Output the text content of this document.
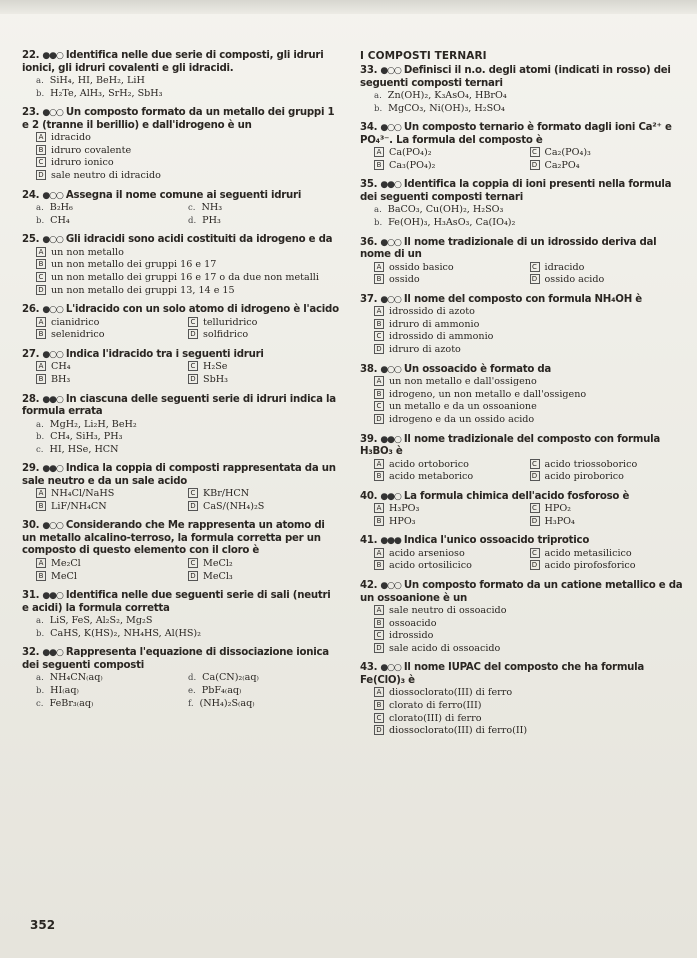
22. ●●○ Identifica nelle due serie di composti, gli idruri ionici, gli idruri covalenti e gli idracidi.
a. SiH₄, HI, BeH₂, LiH
b. H₂Te, AlH₃, SrH₂, SbH₃
23. ●○○ Un composto formato da un metallo dei gruppi 1 e 2 (tranne il berillio) e dall'idrogeno è un
A idracido
B idruro covalente
C idruro ionico
D sale neutro di idracido
24. ●○○ Assegna il nome comune ai seguenti idruri
a. B₂H₆	c. NH₃
b. CH₄	d. PH₃
25. ●○○ Gli idracidi sono acidi costituiti da idrogeno e da
A un non metallo
B un non metallo dei gruppi 16 e 17
C un non metallo dei gruppi 16 e 17 o da due non metalli
D un non metallo dei gruppi 13, 14 e 15
26. ●○○ L'idracido con un solo atomo di idrogeno è l'acido
A cianidrico	C telluridrico
B selenidrico	D solfidrico
27. ●○○ Indica l'idracido tra i seguenti idruri
A CH₄	C H₂Se
B BH₃	D SbH₃
28. ●●○ In ciascuna delle seguenti serie di idruri indica la formula errata
a. MgH₂, Li₂H, BeH₂
b. CH₄, SiH₃, PH₃
c. HI, HSe, HCN
29. ●●○ Indica la coppia di composti rappresentata da un sale neutro e da un sale acido
A NH₄Cl/NaHS	C KBr/HCN
B LiF/NH₄CN	D CaS/(NH₄)₂S
30. ●○○ Considerando che Me rappresenta un atomo di un metallo alcalino-terroso, la formula corretta per un composto di questo elemento con il cloro è
A Me₂Cl	C MeCl₂
B MeCl	D MeCl₃
31. ●●○ Identifica nelle due seguenti serie di sali (neutri e acidi) la formula corretta
a. LiS, FeS, Al₂S₂, Mg₂S
b. CaHS, K(HS)₂, NH₄HS, Al(HS)₂
32. ●●○ Rappresenta l'equazione di dissociazione ionica dei seguenti composti
a. NH₄CN₍aq₎	d. Ca(CN)₂₍aq₎
b. HI₍aq₎	e. PbF₄₍aq₎
c. FeBr₃₍aq₎	f. (NH₄)₂S₍aq₎
I COMPOSTI TERNARI
33. ●○○ Definisci il n.o. degli atomi (indicati in rosso) dei seguenti composti ternari
a. Zn(OH)₂, K₃AsO₄, HBrO₄
b. MgCO₃, Ni(OH)₃, H₂SO₄
34. ●○○ Un composto ternario è formato dagli ioni Ca²⁺ e PO₄³⁻. La formula del composto è
A Ca(PO₄)₂	C Ca₂(PO₄)₃
B Ca₃(PO₄)₂	D Ca₂PO₄
35. ●●○ Identifica la coppia di ioni presenti nella formula dei seguenti composti ternari
a. BaCO₃, Cu(OH)₂, H₂SO₃
b. Fe(OH)₃, H₃AsO₃, Ca(IO₄)₂
36. ●○○ Il nome tradizionale di un idrossido deriva dal nome di un
A ossido basico	C idracido
B ossido	D ossido acido
37. ●○○ Il nome del composto con formula NH₄OH è
A idrossido di azoto
B idruro di ammonio
C idrossido di ammonio
D idruro di azoto
38. ●○○ Un ossoacido è formato da
A un non metallo e dall'ossigeno
B idrogeno, un non metallo e dall'ossigeno
C un metallo e da un ossoanione
D idrogeno e da un ossido acido
39. ●●○ Il nome tradizionale del composto con formula H₃BO₃ è
A acido ortoborico	C acido triossoborico
B acido metaborico	D acido piroborico
40. ●●○ La formula chimica dell'acido fosforoso è
A H₃PO₃	C HPO₂
B HPO₃	D H₃PO₄
41. ●●● Indica l'unico ossoacido triprotico
A acido arsenioso	C acido metasilicico
B acido ortosilicico	D acido pirofosforico
42. ●○○ Un composto formato da un catione metallico e da un ossoanione è un
A sale neutro di ossoacido
B ossoacido
C idrossido
D sale acido di ossoacido
43. ●○○ Il nome IUPAC del composto che ha formula Fe(ClO)₃ è
A diossoclorato(III) di ferro
B clorato di ferro(III)
C clorato(III) di ferro
D diossoclorato(III) di ferro(II)
352
